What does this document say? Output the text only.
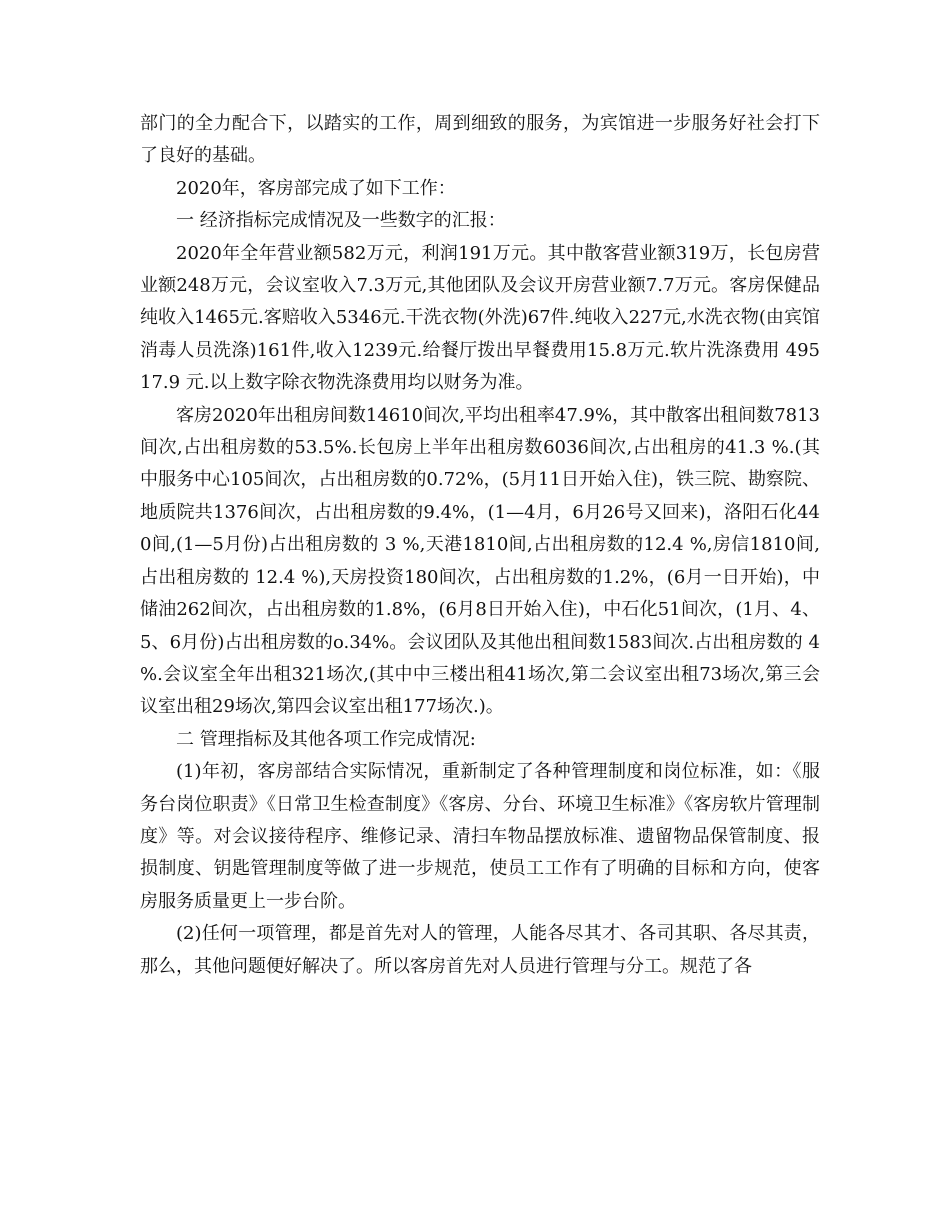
部门的全力配合下，以踏实的工作，周到细致的服务，为宾馆进一步服务好社会打下了良好的基础。

2020年，客房部完成了如下工作：

一 经济指标完成情况及一些数字的汇报：

2020年全年营业额582万元，利润191万元。其中散客营业额319万，长包房营业额248万元，会议室收入7.3万元,其他团队及会议开房营业额7.7万元。客房保健品纯收入1465元.客赔收入5346元.干洗衣物(外洗)67件.纯收入227元,水洗衣物(由宾馆消毒人员洗涤)161件,收入1239元.给餐厅拨出早餐费用15.8万元.软片洗涤费用 49517.9 元.以上数字除衣物洗涤费用均以财务为准。

客房2020年出租房间数14610间次,平均出租率47.9%，其中散客出租间数7813间次,占出租房数的53.5%.长包房上半年出租房数6036间次,占出租房的41.3 %.(其中服务中心105间次，占出租房数的0.72%，(5月11日开始入住)，铁三院、勘察院、地质院共1376间次，占出租房数的9.4%，(1—4月，6月26号又回来)，洛阳石化440间,(1—5月份)占出租房数的 3 %,天港1810间,占出租房数的12.4 %,房信1810间,占出租房数的 12.4 %),天房投资180间次，占出租房数的1.2%，(6月一日开始)，中储油262间次，占出租房数的1.8%，(6月8日开始入住)，中石化51间次，(1月、4、5、6月份)占出租房数的o.34%。会议团队及其他出租间数1583间次.占出租房数的 4 %.会议室全年出租321场次,(其中中三楼出租41场次,第二会议室出租73场次,第三会议室出租29场次,第四会议室出租177场次.)。

二 管理指标及其他各项工作完成情况:

(1)年初，客房部结合实际情况，重新制定了各种管理制度和岗位标准，如：《服务台岗位职责》《日常卫生检查制度》《客房、分台、环境卫生标准》《客房软片管理制度》等。对会议接待程序、维修记录、清扫车物品摆放标准、遗留物品保管制度、报损制度、钥匙管理制度等做了进一步规范，使员工工作有了明确的目标和方向，使客房服务质量更上一步台阶。

(2)任何一项管理，都是首先对人的管理，人能各尽其才、各司其职、各尽其责，那么，其他问题便好解决了。所以客房首先对人员进行管理与分工。规范了各
